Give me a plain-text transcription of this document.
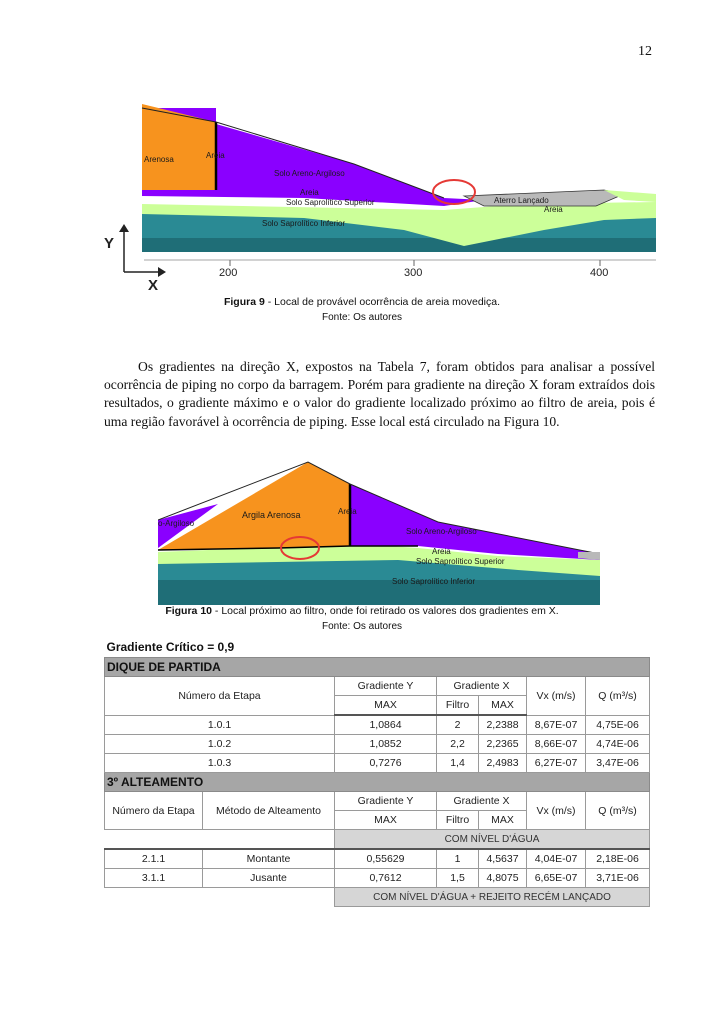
12
Arenosa	Areia
Solo Areno-Argiloso
Areia
Solo Saprolítico Superior
Solo Saprolítico Inferior
Aterro Lançado
Areia
Y
X
200	300	400
Figura 9 - Local de provável ocorrência de areia movediça.
Fonte: Os autores

Os gradientes na direção X, expostos na Tabela 7, foram obtidos para analisar a possível ocorrência de piping no corpo da barragem. Porém para gradiente na direção X foram extraídos dois resultados, o gradiente máximo e o valor do gradiente localizado próximo ao filtro de areia, pois é uma região favorável à ocorrência de piping. Esse local está circulado na Figura 10.

o-Argiloso
Argila Arenosa	Areia
Solo Areno-Argiloso
Areia
Solo Saprolítico Superior
Solo Saprolítico Inferior
Figura 10 - Local próximo ao filtro, onde foi retirado os valores dos gradientes em X.
Fonte: Os autores
Gradiente Crítico = 0,9						
DIQUE DE PARTIDA						
Número da Etapa		Gradiente Y	Gradiente X		Vx (m/s)	Q (m³/s)
		MAX	Filtro	MAX		
1.0.1		1,0864	2	2,2388	8,67E-07	4,75E-06
1.0.2		1,0852	2,2	2,2365	8,66E-07	4,74E-06
1.0.3		0,7276	1,4	2,4983	6,27E-07	3,47E-06
3º ALTEAMENTO						
Número da Etapa	Método de Alteamento	Gradiente Y	Gradiente X		Vx (m/s)	Q (m³/s)
		MAX	Filtro	MAX		
		COM NÍVEL D'ÁGUA				
2.1.1	Montante	0,55629	1	4,5637	4,04E-07	2,18E-06
3.1.1	Jusante	0,7612	1,5	4,8075	6,65E-07	3,71E-06
		COM NÍVEL D'ÁGUA + REJEITO RECÉM LANÇADO				
